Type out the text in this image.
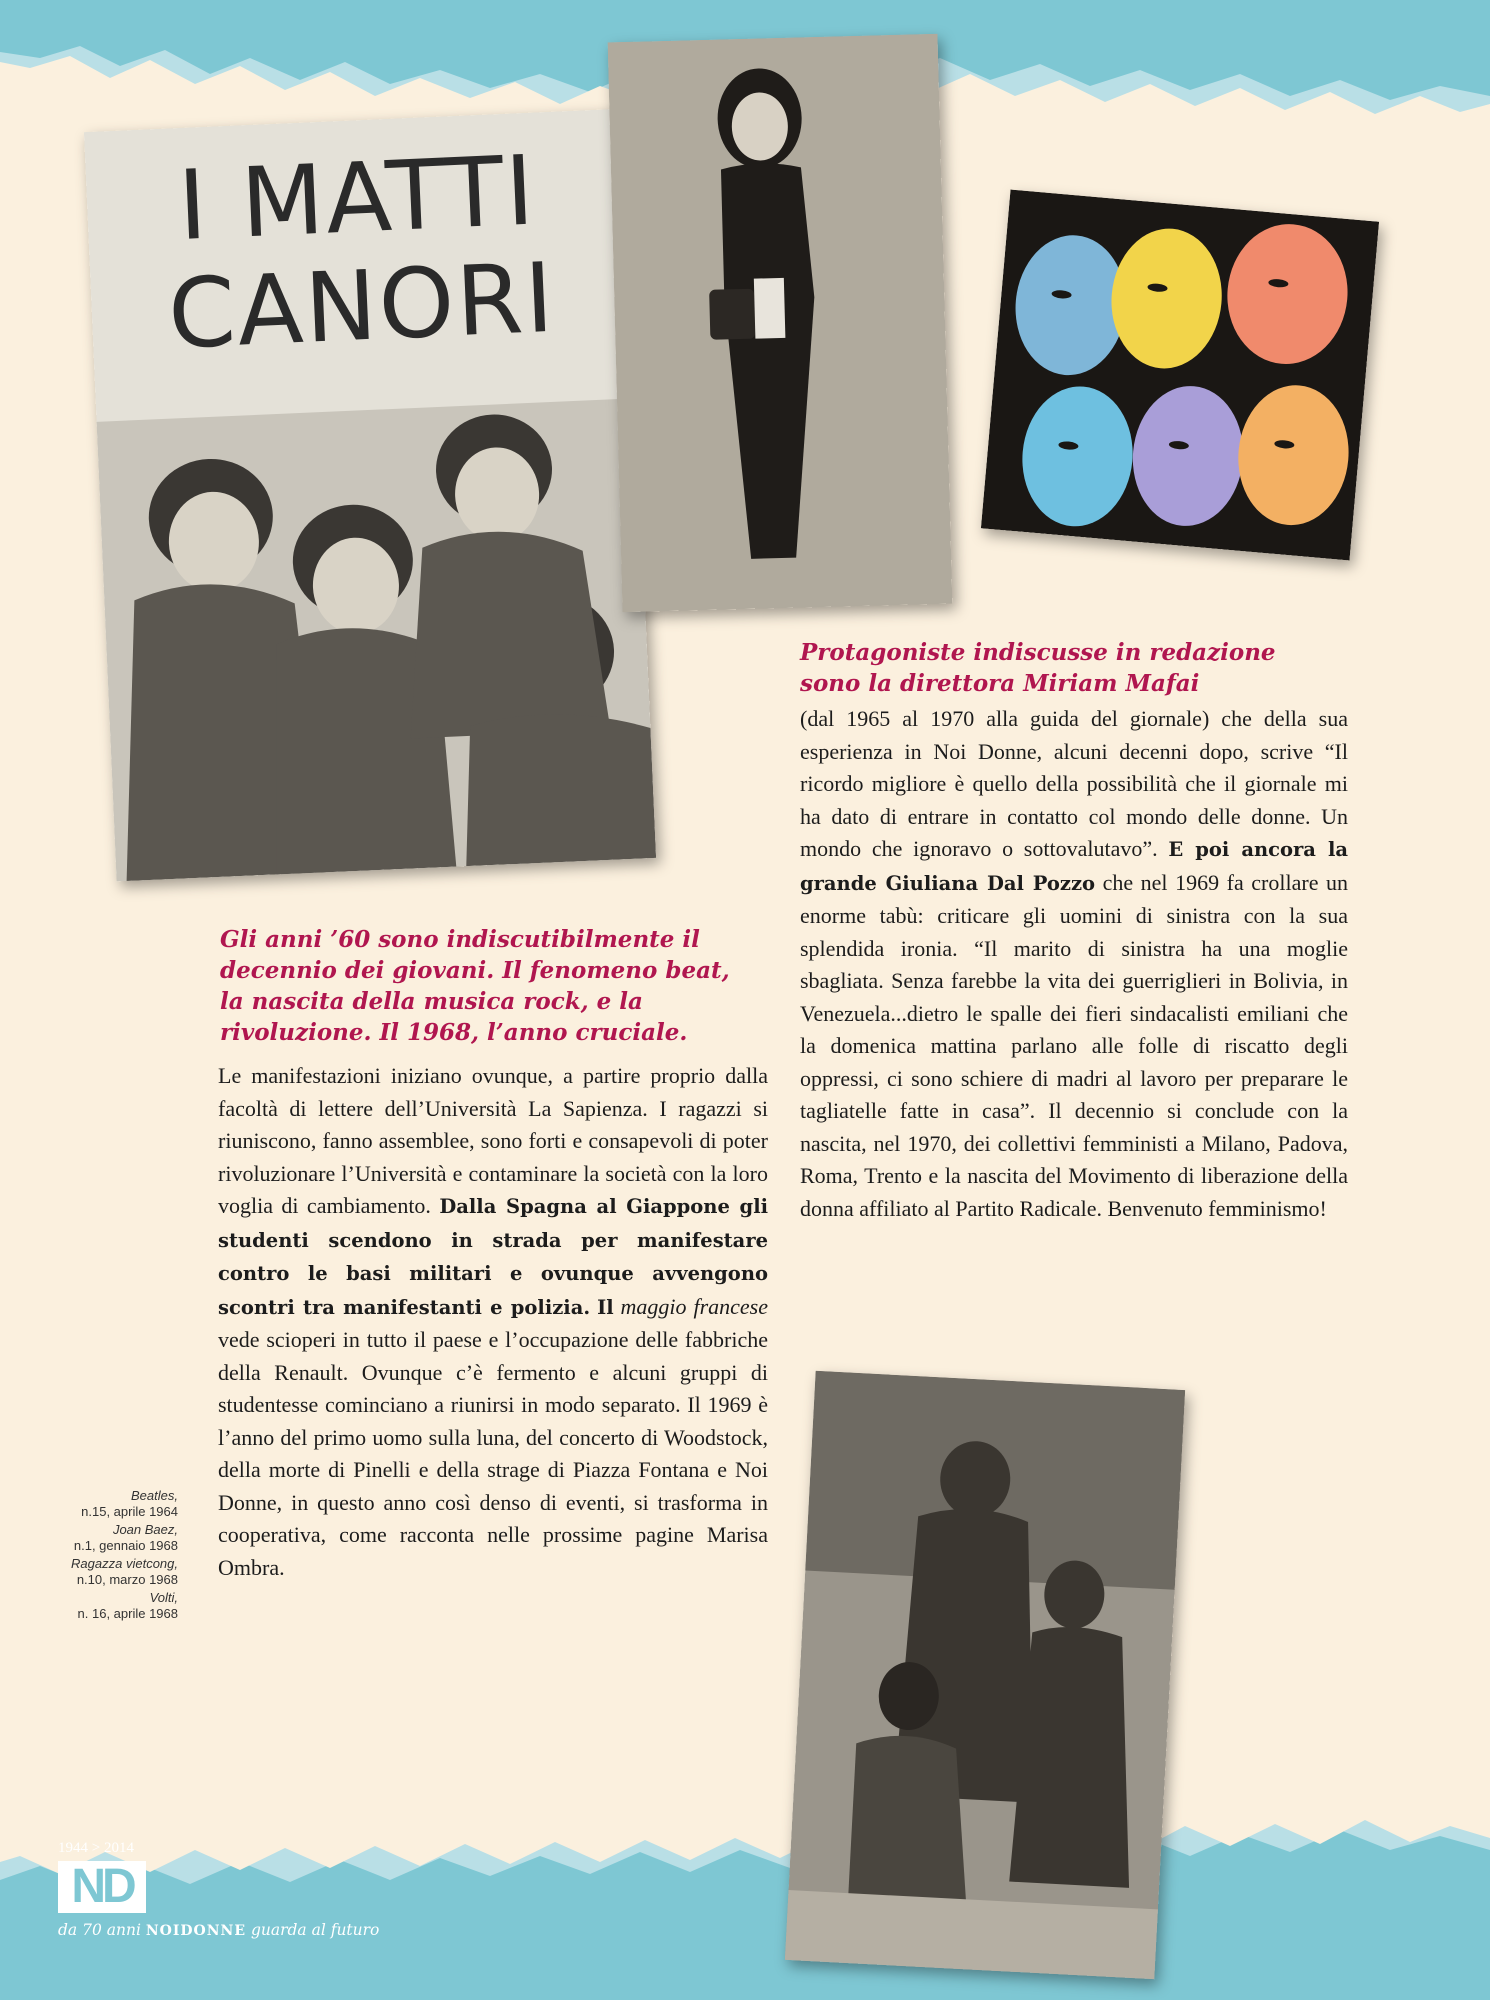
I MATTI
CANORI
Gli anni ’60 sono indiscutibilmente il decennio dei giovani. Il fenomeno beat, la nascita della musica rock, e la rivoluzione. Il 1968, l’anno cruciale.

Le manifestazioni iniziano ovunque, a partire proprio dalla facoltà di lettere dell’Università La Sapienza. I ragazzi si riuniscono, fanno assemblee, sono forti e consapevoli di poter rivoluzionare l’Università e contaminare la società con la loro voglia di cambiamento. Dalla Spagna al Giappone gli studenti scendono in strada per manifestare contro le basi militari e ovunque avvengono scontri tra manifestanti e polizia. Il maggio francese vede scioperi in tutto il paese e l’occupazione delle fabbriche della Renault. Ovunque c’è fermento e alcuni gruppi di studentesse cominciano a riunirsi in modo separato. Il 1969 è l’anno del primo uomo sulla luna, del concerto di Woodstock, della morte di Pinelli e della strage di Piazza Fontana e Noi Donne, in questo anno così denso di eventi, si trasforma in cooperativa, come racconta nelle prossime pagine Marisa Ombra.

Protagoniste indiscusse in redazione sono la direttora Miriam Mafai

(dal 1965 al 1970 alla guida del giornale) che della sua esperienza in Noi Donne, alcuni decenni dopo, scrive “Il ricordo migliore è quello della possibilità che il giornale mi ha dato di entrare in contatto col mondo delle donne. Un mondo che ignoravo o sottovalutavo”. E poi ancora la grande Giuliana Dal Pozzo che nel 1969 fa crollare un enorme tabù: criticare gli uomini di sinistra con la sua splendida ironia. “Il marito di sinistra ha una moglie sbagliata. Senza farebbe la vita dei guerriglieri in Bolivia, in Venezuela...dietro le spalle dei fieri sindacalisti emiliani che la domenica mattina parlano alle folle di riscatto degli oppressi, ci sono schiere di madri al lavoro per preparare le tagliatelle fatte in casa”. Il decennio si conclude con la nascita, nel 1970, dei collettivi femministi a Milano, Padova, Roma, Trento e la nascita del Movimento di liberazione della donna affiliato al Partito Radicale. Benvenuto femminismo!

Beatles,
n.15, aprile 1964
Joan Baez,
n.1, gennaio 1968
Ragazza vietcong,
n.10, marzo 1968
Volti,
n. 16, aprile 1968
1944 > 2014
ND
da 70 anni NOIDONNE guarda al futuro
